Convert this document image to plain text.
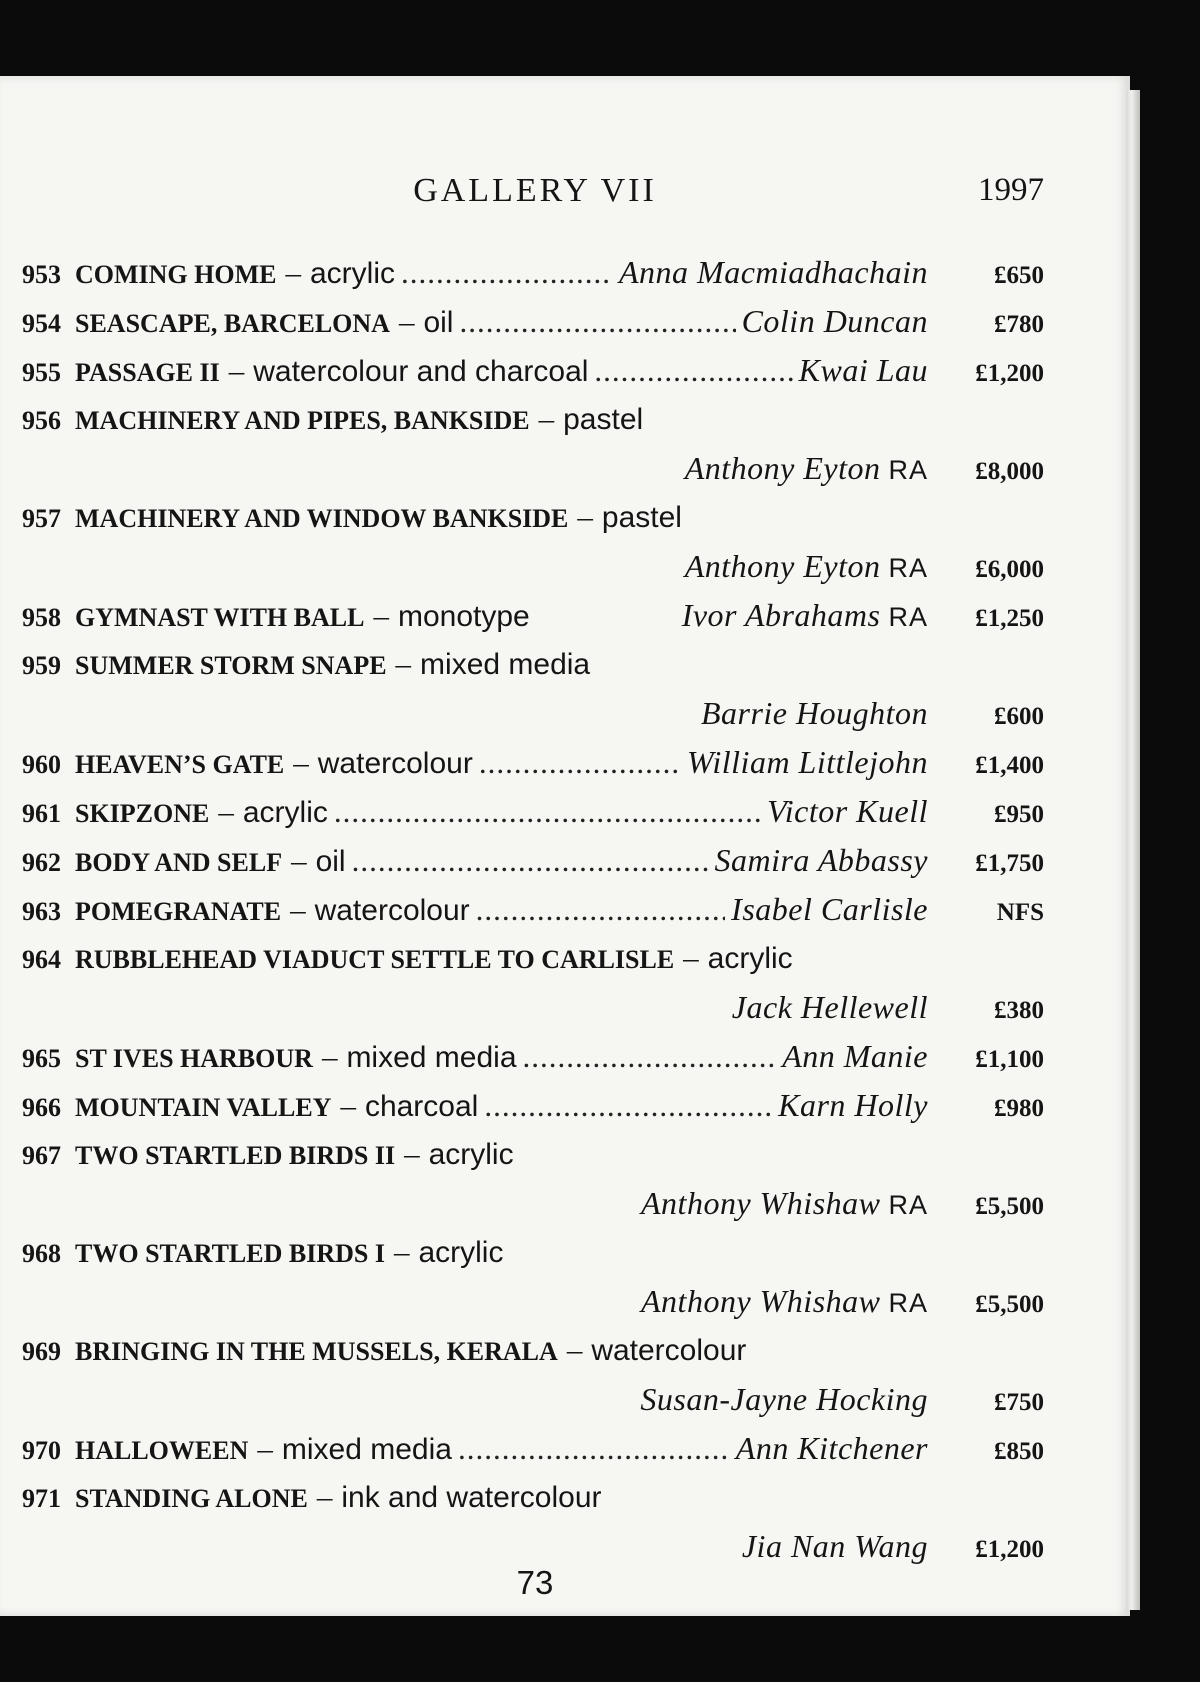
GALLERY VII	1997
953 COMING HOME – acrylic .....	Anna Macmiadhachain	£650
954 SEASCAPE, BARCELONA – oil .....	Colin Duncan	£780
955 PASSAGE II – watercolour and charcoal .....	Kwai Lau	£1,200
956 MACHINERY AND PIPES, BANKSIDE – pastel
Anthony Eyton RA	£8,000
957 MACHINERY AND WINDOW BANKSIDE – pastel
Anthony Eyton RA	£6,000
958 GYMNAST WITH BALL – monotype	Ivor Abrahams RA	£1,250
959 SUMMER STORM SNAPE – mixed media
Barrie Houghton	£600
960 HEAVEN’S GATE – watercolour .....	William Littlejohn	£1,400
961 SKIPZONE – acrylic .....	Victor Kuell	£950
962 BODY AND SELF – oil .....	Samira Abbassy	£1,750
963 POMEGRANATE – watercolour .....	Isabel Carlisle	NFS
964 RUBBLEHEAD VIADUCT SETTLE TO CARLISLE – acrylic
Jack Hellewell	£380
965 ST IVES HARBOUR – mixed media .....	Ann Manie	£1,100
966 MOUNTAIN VALLEY – charcoal .....	Karn Holly	£980
967 TWO STARTLED BIRDS II – acrylic
Anthony Whishaw RA	£5,500
968 TWO STARTLED BIRDS I – acrylic
Anthony Whishaw RA	£5,500
969 BRINGING IN THE MUSSELS, KERALA – watercolour
Susan-Jayne Hocking	£750
970 HALLOWEEN – mixed media .....	Ann Kitchener	£850
971 STANDING ALONE – ink and watercolour
Jia Nan Wang	£1,200
73
